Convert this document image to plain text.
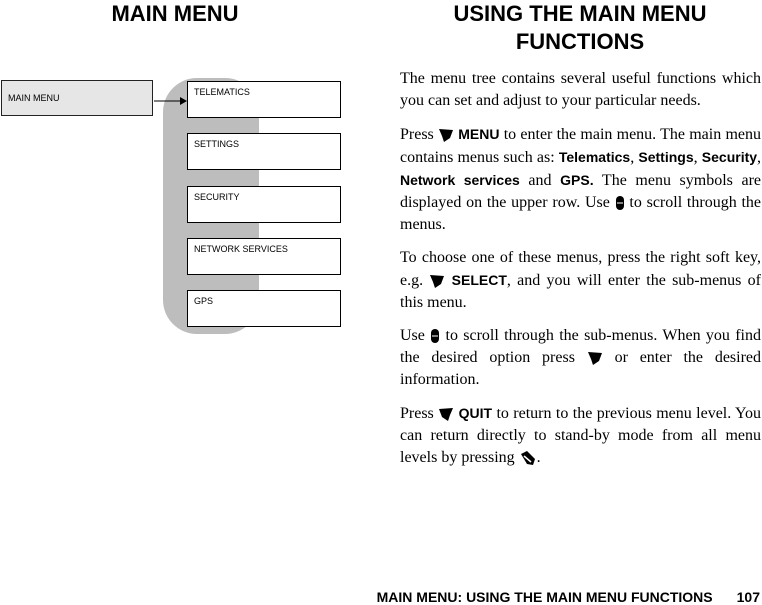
MAIN MENU	USING THE MAIN MENU
FUNCTIONS
MAIN MENU
TELEMATICS
SETTINGS
SECURITY
NETWORK SERVICES
GPS

The menu tree contains several useful functions which you can set and adjust to your particular needs.

Press MENU to enter the main menu. The main menu contains menus such as: Telematics, Settings, Security, Network services and GPS. The menu symbols are displayed on the upper row. Use to scroll through the menus.

To choose one of these menus, press the right soft key, e.g. SELECT, and you will enter the sub-menus of this menu.

Use to scroll through the sub-menus. When you find the desired option press or enter the desired information.

Press QUIT to return to the previous menu level. You can return directly to stand-by mode from all menu levels by pressing .

MAIN MENU: USING THE MAIN MENU FUNCTIONS 107
